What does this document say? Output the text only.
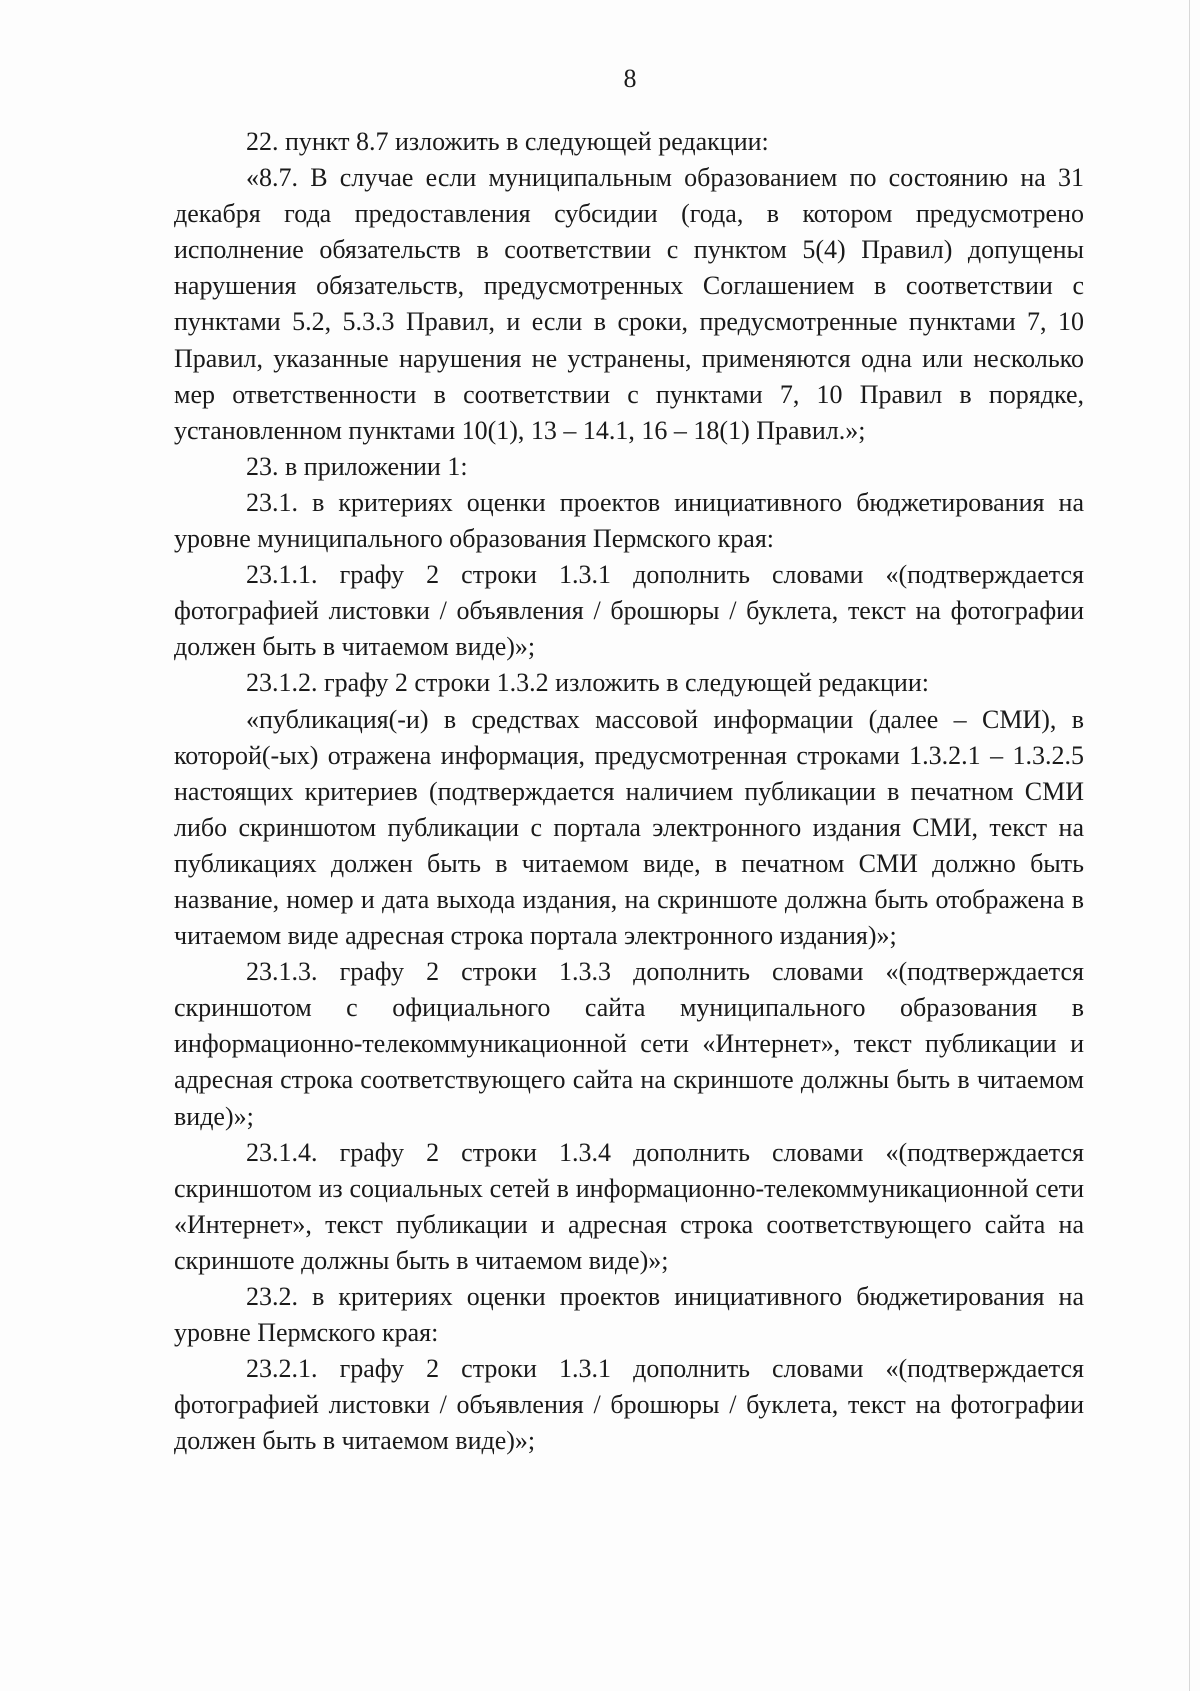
8

22. пункт 8.7 изложить в следующей редакции:

«8.7. В случае если муниципальным образованием по состоянию на 31 декабря года предоставления субсидии (года, в котором предусмотрено исполнение обязательств в соответствии с пунктом 5(4) Правил) допущены нарушения обязательств, предусмотренных Соглашением в соответствии с пунктами 5.2, 5.3.3 Правил, и если в сроки, предусмотренные пунктами 7, 10 Правил, указанные нарушения не устранены, применяются одна или несколько мер ответственности в соответствии с пунктами 7, 10 Правил в порядке, установленном пунктами 10(1), 13 – 14.1, 16 – 18(1) Правил.»;

23. в приложении 1:

23.1. в критериях оценки проектов инициативного бюджетирования на уровне муниципального образования Пермского края:

23.1.1. графу 2 строки 1.3.1 дополнить словами «(подтверждается фотографией листовки / объявления / брошюры / буклета, текст на фотографии должен быть в читаемом виде)»;

23.1.2. графу 2 строки 1.3.2 изложить в следующей редакции:

«публикация(-и) в средствах массовой информации (далее – СМИ), в которой(-ых) отражена информация, предусмотренная строками 1.3.2.1 – 1.3.2.5 настоящих критериев (подтверждается наличием публикации в печатном СМИ либо скриншотом публикации с портала электронного издания СМИ, текст на публикациях должен быть в читаемом виде, в печатном СМИ должно быть название, номер и дата выхода издания, на скриншоте должна быть отображена в читаемом виде адресная строка портала электронного издания)»;

23.1.3. графу 2 строки 1.3.3 дополнить словами «(подтверждается скриншотом с официального сайта муниципального образования в информационно-телекоммуникационной сети «Интернет», текст публикации и адресная строка соответствующего сайта на скриншоте должны быть в читаемом виде)»;

23.1.4. графу 2 строки 1.3.4 дополнить словами «(подтверждается скриншотом из социальных сетей в информационно-телекоммуникационной сети «Интернет», текст публикации и адресная строка соответствующего сайта на скриншоте должны быть в читаемом виде)»;

23.2. в критериях оценки проектов инициативного бюджетирования на уровне Пермского края:

23.2.1. графу 2 строки 1.3.1 дополнить словами «(подтверждается фотографией листовки / объявления / брошюры / буклета, текст на фотографии должен быть в читаемом виде)»;
